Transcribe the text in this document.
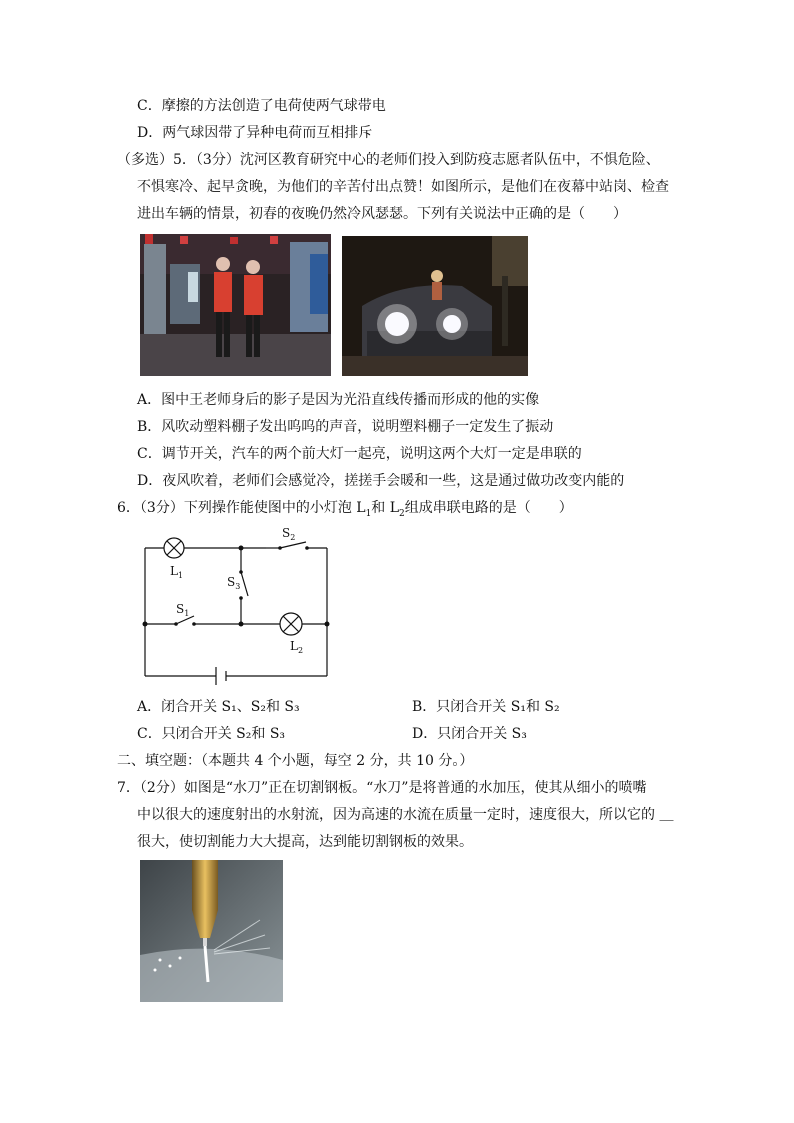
C．摩擦的方法创造了电荷使两气球带电
D．两气球因带了异种电荷而互相排斥
（多选）5．（3分）沈河区教育研究中心的老师们投入到防疫志愿者队伍中，不惧危险、
不惧寒冷、起早贪晚，为他们的辛苦付出点赞！如图所示，是他们在夜幕中站岗、检查
进出车辆的情景，初春的夜晚仍然冷风瑟瑟。下列有关说法中正确的是（　　）
A．图中王老师身后的影子是因为光沿直线传播而形成的他的实像
B．风吹动塑料棚子发出呜呜的声音，说明塑料棚子一定发生了振动
C．调节开关，汽车的两个前大灯一起亮，说明这两个大灯一定是串联的
D．夜风吹着，老师们会感觉冷，搓搓手会暖和一些，这是通过做功改变内能的
6．（3分）下列操作能使图中的小灯泡 $L_1$和 $L_2$组成串联电路的是（　　）
$L_1$
$L_2$
$S_1$
$S_2$
$S_3$
A．闭合开关 S₁、S₂和 S₃	B．只闭合开关 S₁和 S₂
C．只闭合开关 S₂和 S₃	D．只闭合开关 S₃
二、填空题：（本题共 4 个小题，每空 2 分，共 10 分。）
7．（2分）如图是“水刀”正在切割钢板。“水刀”是将普通的水加压，使其从细小的喷嘴
中以很大的速度射出的水射流，因为高速的水流在质量一定时，速度很大，所以它的 ＿
很大，使切割能力大大提高，达到能切割钢板的效果。
